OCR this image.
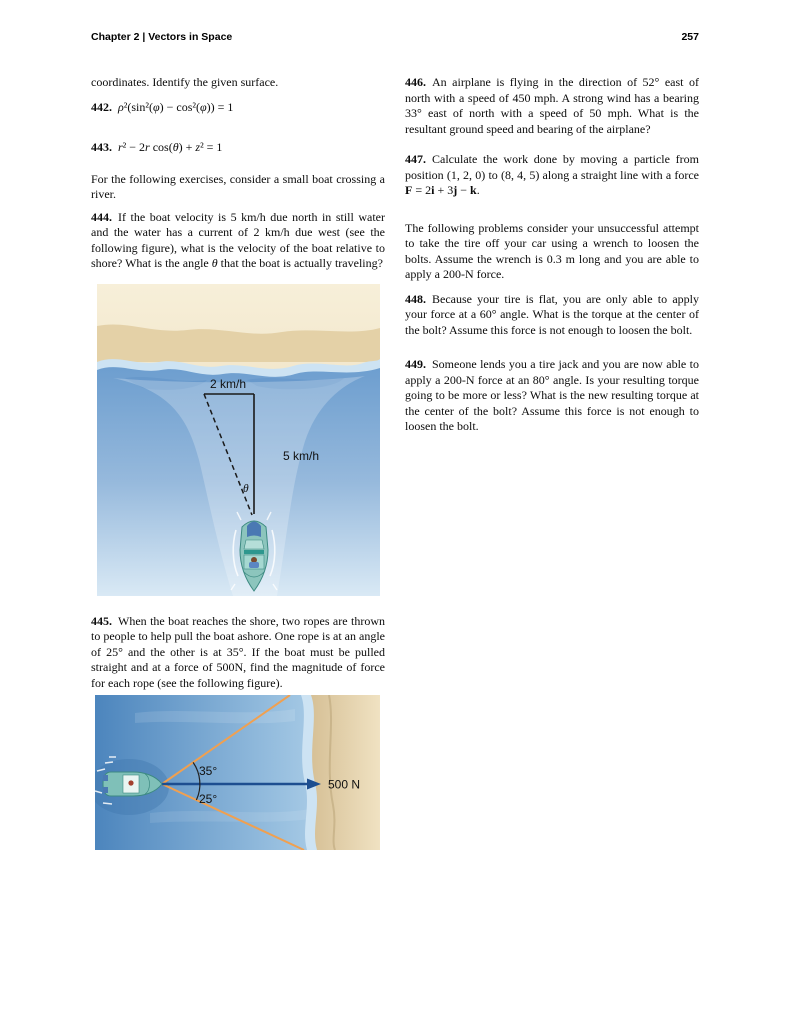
Chapter 2 | Vectors in Space	257

coordinates. Identify the given surface.

442. ρ²(sin²(φ) − cos²(φ)) = 1

443. r² − 2r cos(θ) + z² = 1

For the following exercises, consider a small boat crossing a river.

444. If the boat velocity is 5 km/h due north in still water and the water has a current of 2 km/h due west (see the following figure), what is the velocity of the boat relative to shore? What is the angle θ that the boat is actually traveling?

2 km/h
5 km/h
θ

445. When the boat reaches the shore, two ropes are thrown to people to help pull the boat ashore. One rope is at an angle of 25° and the other is at 35°. If the boat must be pulled straight and at a force of 500N, find the magnitude of force for each rope (see the following figure).

35°
25°
500 N

446. An airplane is flying in the direction of 52° east of north with a speed of 450 mph. A strong wind has a bearing 33° east of north with a speed of 50 mph. What is the resultant ground speed and bearing of the airplane?

447. Calculate the work done by moving a particle from position (1, 2, 0) to (8, 4, 5) along a straight line with a force F = 2i + 3j − k.

The following problems consider your unsuccessful attempt to take the tire off your car using a wrench to loosen the bolts. Assume the wrench is 0.3 m long and you are able to apply a 200-N force.

448. Because your tire is flat, you are only able to apply your force at a 60° angle. What is the torque at the center of the bolt? Assume this force is not enough to loosen the bolt.

449. Someone lends you a tire jack and you are now able to apply a 200-N force at an 80° angle. Is your resulting torque going to be more or less? What is the new resulting torque at the center of the bolt? Assume this force is not enough to loosen the bolt.
